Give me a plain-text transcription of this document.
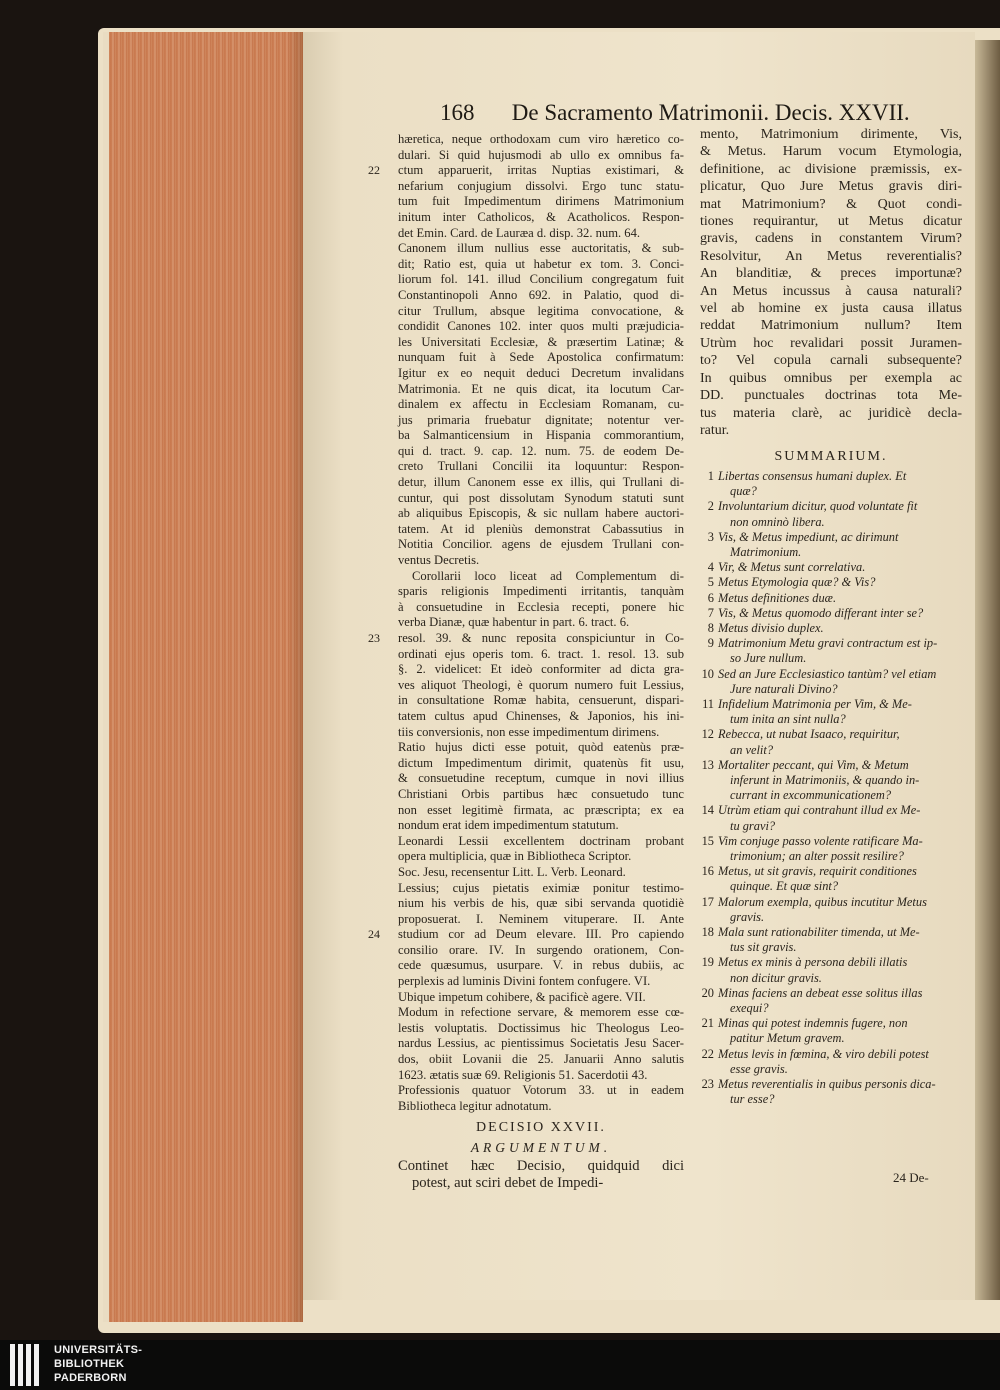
168 De Sacramento Matrimonii. Decis. XXVII.
hæretica, neque orthodoxam cum viro hæretico co-
dulari. Si quid hujusmodi ab ullo ex omnibus fa-
22	ctum apparuerit, irritas Nuptias existimari, &
nefarium conjugium dissolvi. Ergo tunc statu-
tum fuit Impedimentum dirimens Matrimonium
initum inter Catholicos, & Acatholicos. Respon-
det Emin. Card. de Lauræa d. disp. 32. num. 64.
Canonem illum nullius esse auctoritatis, & sub-
dit; Ratio est, quia ut habetur ex tom. 3. Conci-
liorum fol. 141. illud Concilium congregatum fuit
Constantinopoli Anno 692. in Palatio, quod di-
citur Trullum, absque legitima convocatione, &
condidit Canones 102. inter quos multi præjudicia-
les Universitati Ecclesiæ, & præsertim Latinæ; &
nunquam fuit à Sede Apostolica confirmatum:
Igitur ex eo nequit deduci Decretum invalidans
Matrimonia. Et ne quis dicat, ita locutum Car-
dinalem ex affectu in Ecclesiam Romanam, cu-
jus primaria fruebatur dignitate; notentur ver-
ba Salmanticensium in Hispania commorantium,
qui d. tract. 9. cap. 12. num. 75. de eodem De-
creto Trullani Concilii ita loquuntur: Respon-
detur, illum Canonem esse ex illis, qui Trullani di-
cuntur, qui post dissolutam Synodum statuti sunt
ab aliquibus Episcopis, & sic nullam habere auctori-
tatem. At id pleniùs demonstrat Cabassutius in
Notitia Concilior. agens de ejusdem Trullani con-
ventus Decretis.
Corollarii loco liceat ad Complementum di-
sparis religionis Impedimenti irritantis, tanquàm
à consuetudine in Ecclesia recepti, ponere hic
verba Dianæ, quæ habentur in part. 6. tract. 6.
23	resol. 39. & nunc reposita conspiciuntur in Co-
ordinati ejus operis tom. 6. tract. 1. resol. 13. sub
§. 2. videlicet: Et ideò conformiter ad dicta gra-
ves aliquot Theologi, è quorum numero fuit Lessius,
in consultatione Romæ habita, censuerunt, dispari-
tatem cultus apud Chinenses, & Japonios, his ini-
tiis conversionis, non esse impedimentum dirimens.
Ratio hujus dicti esse potuit, quòd eatenùs præ-
dictum Impedimentum dirimit, quatenùs fit usu,
& consuetudine receptum, cumque in novi illius
Christiani Orbis partibus hæc consuetudo tunc
non esset legitimè firmata, ac præscripta; ex ea
nondum erat idem impedimentum statutum.
Leonardi Lessii excellentem doctrinam probant
opera multiplicia, quæ in Bibliotheca Scriptor.
Soc. Jesu, recensentur Litt. L. Verb. Leonard.
Lessius; cujus pietatis eximiæ ponitur testimo-
nium his verbis de his, quæ sibi servanda quotidiè
proposuerat. I. Neminem vituperare. II. Ante
24	studium cor ad Deum elevare. III. Pro capiendo
consilio orare. IV. In surgendo orationem, Con-
cede quæsumus, usurpare. V. in rebus dubiis, ac
perplexis ad luminis Divini fontem confugere. VI.
Ubique impetum cohibere, & pacificè agere. VII.
Modum in refectione servare, & memorem esse cœ-
lestis voluptatis. Doctissimus hic Theologus Leo-
nardus Lessius, ac pientissimus Societatis Jesu Sacer-
dos, obiit Lovanii die 25. Januarii Anno salutis
1623. ætatis suæ 69. Religionis 51. Sacerdotii 43.
Professionis quatuor Votorum 33. ut in eadem
Bibliotheca legitur adnotatum.
DECISIO XXVII.
ARGUMENTUM.
Continet hæc Decisio, quidquid dici
potest, aut sciri debet de Impedi-
mento, Matrimonium dirimente, Vis,
& Metus. Harum vocum Etymologia,
definitione, ac divisione præmissis, ex-
plicatur, Quo Jure Metus gravis diri-
mat Matrimonium? & Quot condi-
tiones requirantur, ut Metus dicatur
gravis, cadens in constantem Virum?
Resolvitur, An Metus reverentialis?
An blanditiæ, & preces importunæ?
An Metus incussus à causa naturali?
vel ab homine ex justa causa illatus
reddat Matrimonium nullum? Item
Utrùm hoc revalidari possit Juramen-
to? Vel copula carnali subsequente?
In quibus omnibus per exempla ac
DD. punctuales doctrinas tota Me-
tus materia clarè, ac juridicè decla-
ratur.
SUMMARIUM.
1 Libertas consensus humani duplex. Et
quæ?
2 Involuntarium dicitur, quod voluntate fit
non omninò libera.
3 Vis, & Metus impediunt, ac dirimunt
Matrimonium.
4 Vir, & Metus sunt correlativa.
5 Metus Etymologia quæ? & Vis?
6 Metus definitiones duæ.
7 Vis, & Metus quomodo differant inter se?
8 Metus divisio duplex.
9 Matrimonium Metu gravi contractum est ip-
so Jure nullum.
10 Sed an Jure Ecclesiastico tantùm? vel etiam
Jure naturali Divino?
11 Infidelium Matrimonia per Vim, & Me-
tum inita an sint nulla?
12 Rebecca, ut nubat Isaaco, requiritur,
an velit?
13 Mortaliter peccant, qui Vim, & Metum
inferunt in Matrimoniis, & quando in-
currant in excommunicationem?
14 Utrùm etiam qui contrahunt illud ex Me-
tu gravi?
15 Vim conjuge passo volente ratificare Ma-
trimonium; an alter possit resilire?
16 Metus, ut sit gravis, requirit conditiones
quinque. Et quæ sint?
17 Malorum exempla, quibus incutitur Metus
gravis.
18 Mala sunt rationabiliter timenda, ut Me-
tus sit gravis.
19 Metus ex minis à persona debili illatis
non dicitur gravis.
20 Minas faciens an debeat esse solitus illas
exequi?
21 Minas qui potest indemnis fugere, non
patitur Metum gravem.
22 Metus levis in fœmina, & viro debili potest
esse gravis.
23 Metus reverentialis in quibus personis dica-
tur esse?
24 De-
UNIVERSITÄTS-
BIBLIOTHEK
PADERBORN
